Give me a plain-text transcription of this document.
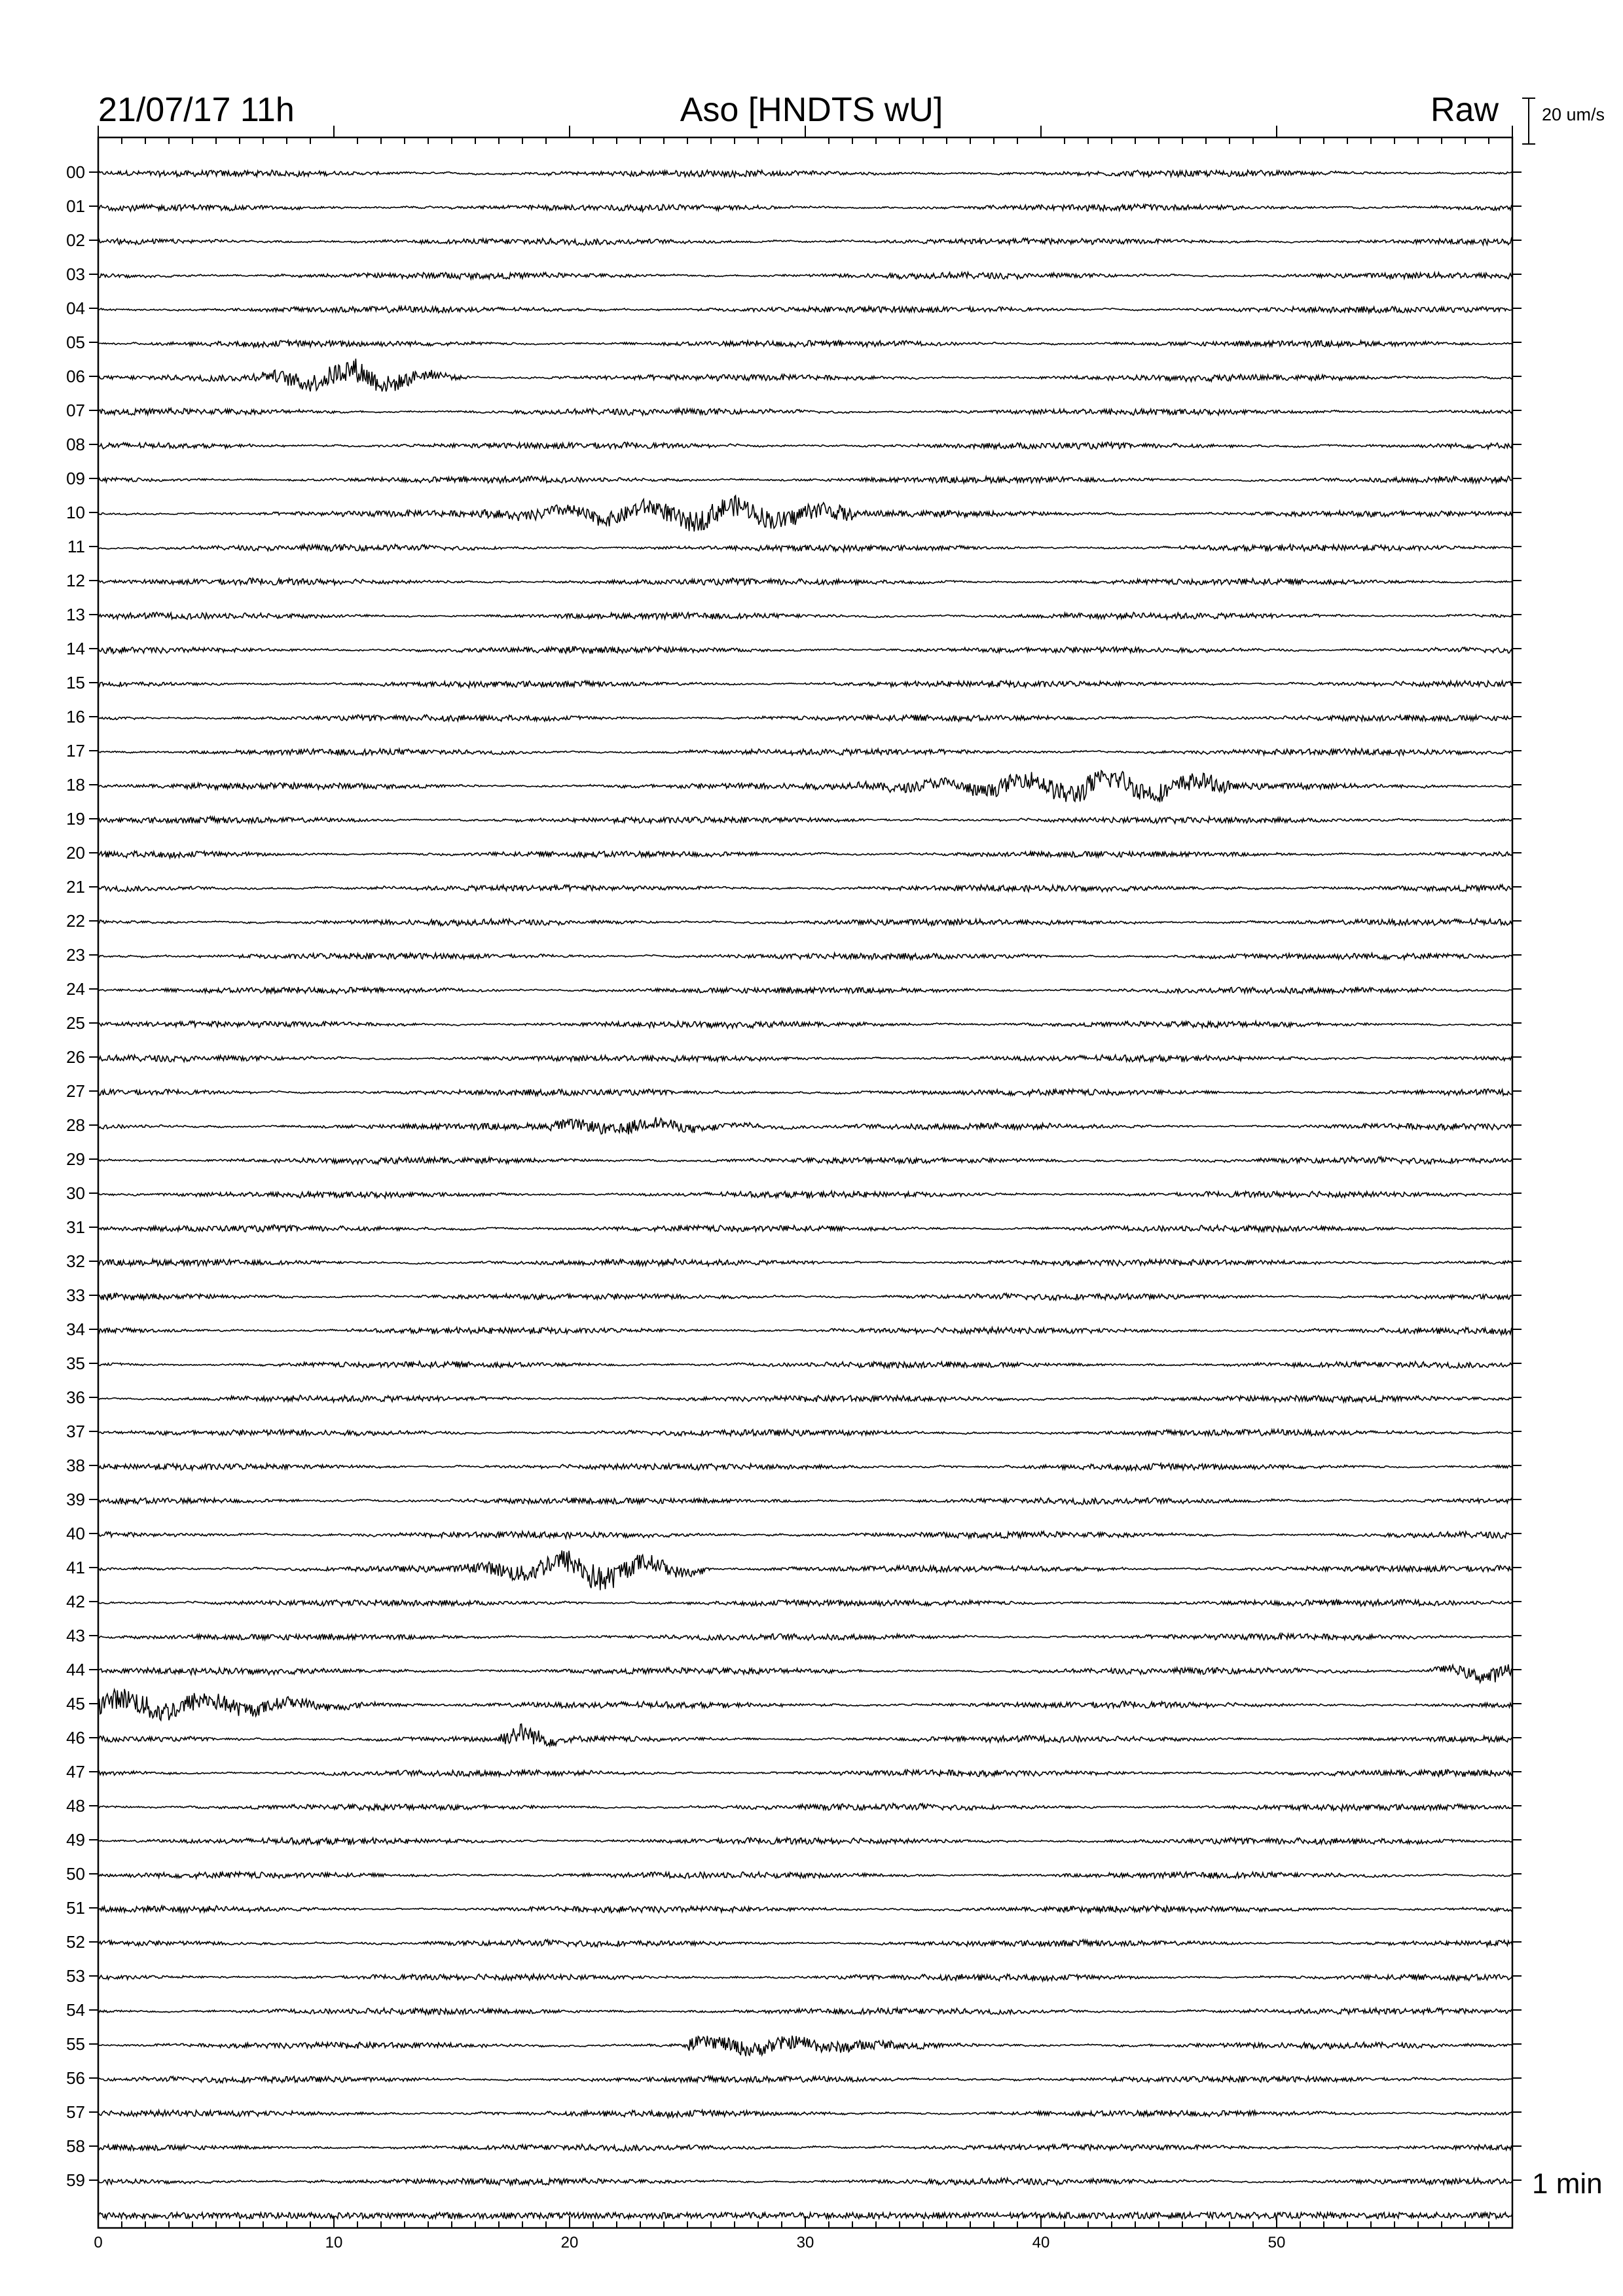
21/07/17 11h	Aso [HNDTS wU]	Raw 20 um/s
1 min
00
01
02
03
04
05
06
07
08
09
10
11
12
13
14
15
16
17
18
19
20
21
22
23
24
25
26
27
28
29
30
31
32
33
34
35
36
37
38
39
40
41
42
43
44
45
46
47
48
49
50
51
52
53
54
55
56
57
58
59
0	10	20	30	40	50
